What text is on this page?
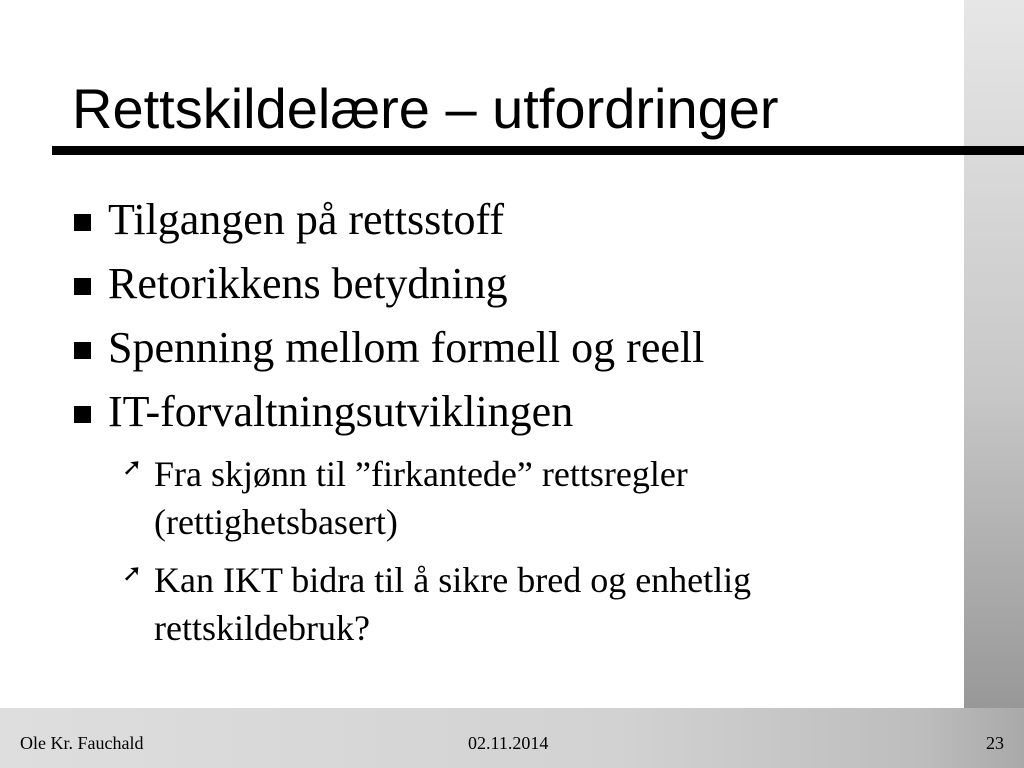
Rettskildelære – utfordringer
Tilgangen på rettsstoff
Retorikkens betydning
Spenning mellom formell og reell
IT-forvaltningsutviklingen
➚ Fra skjønn til ”firkantede” rettsregler (rettighetsbasert)
➚ Kan IKT bidra til å sikre bred og enhetlig rettskildebruk?
Ole Kr. Fauchald	02.11.2014	23
